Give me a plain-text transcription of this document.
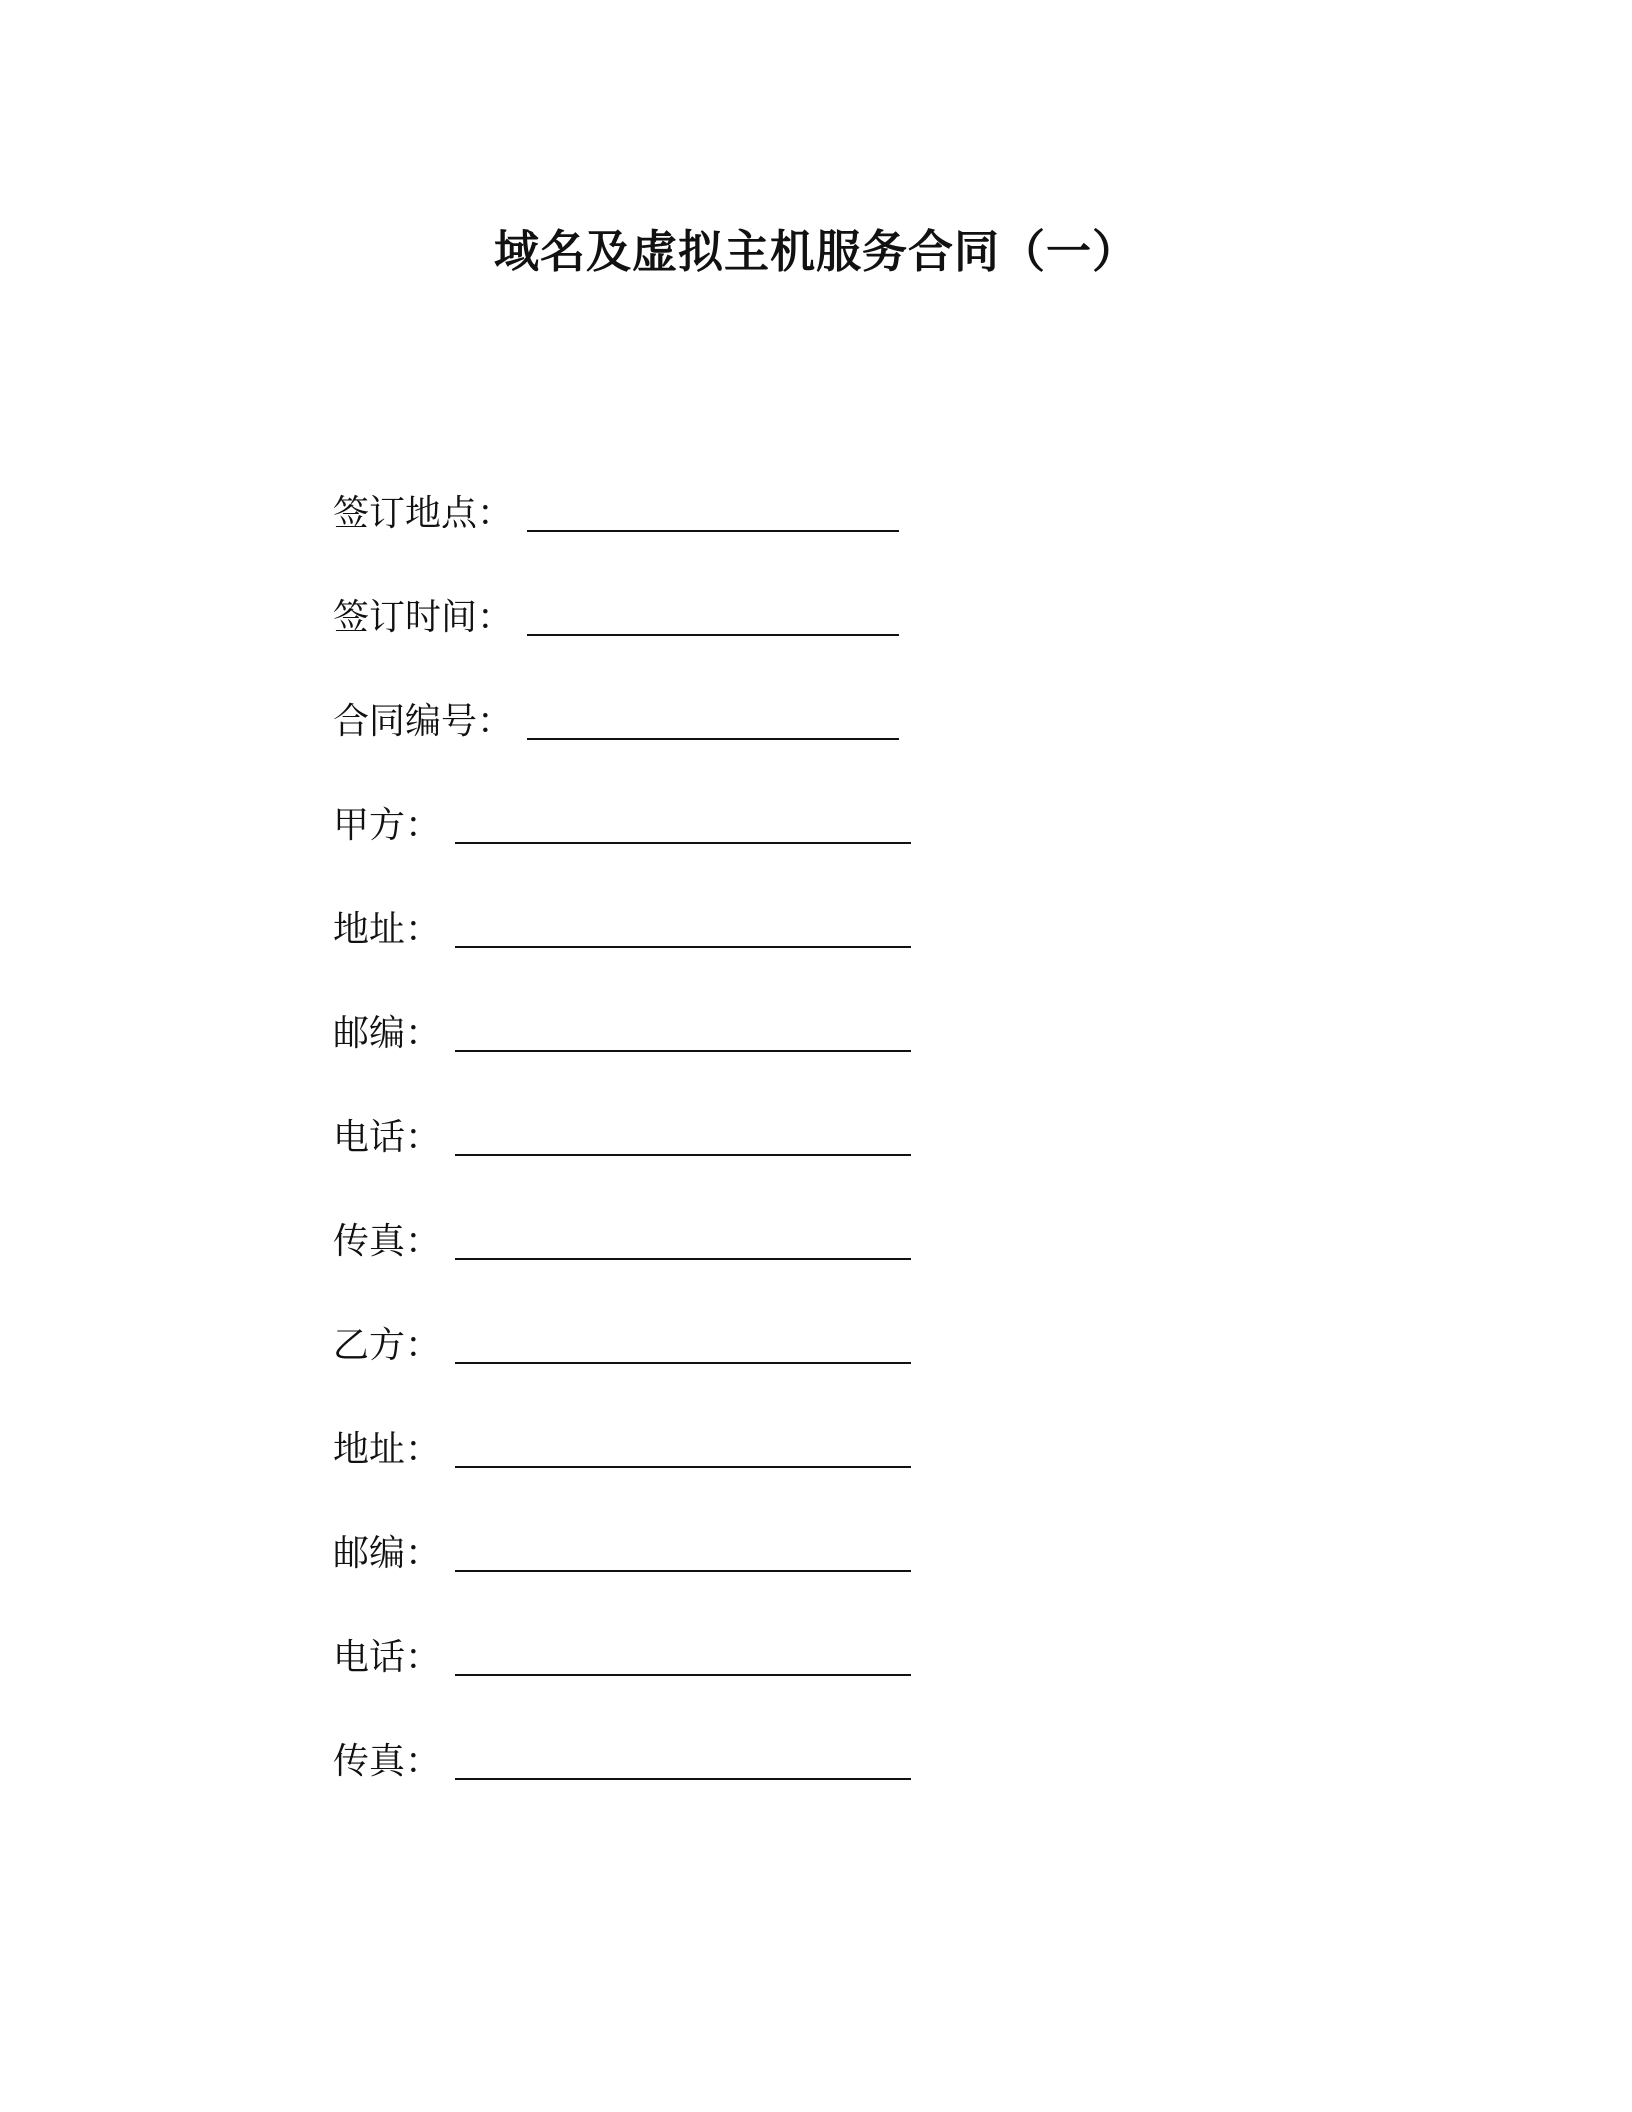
域名及虚拟主机服务合同（一）
签订地点：
签订时间：
合同编号：
甲方：
地址：
邮编：
电话：
传真：
乙方：
地址：
邮编：
电话：
传真：
